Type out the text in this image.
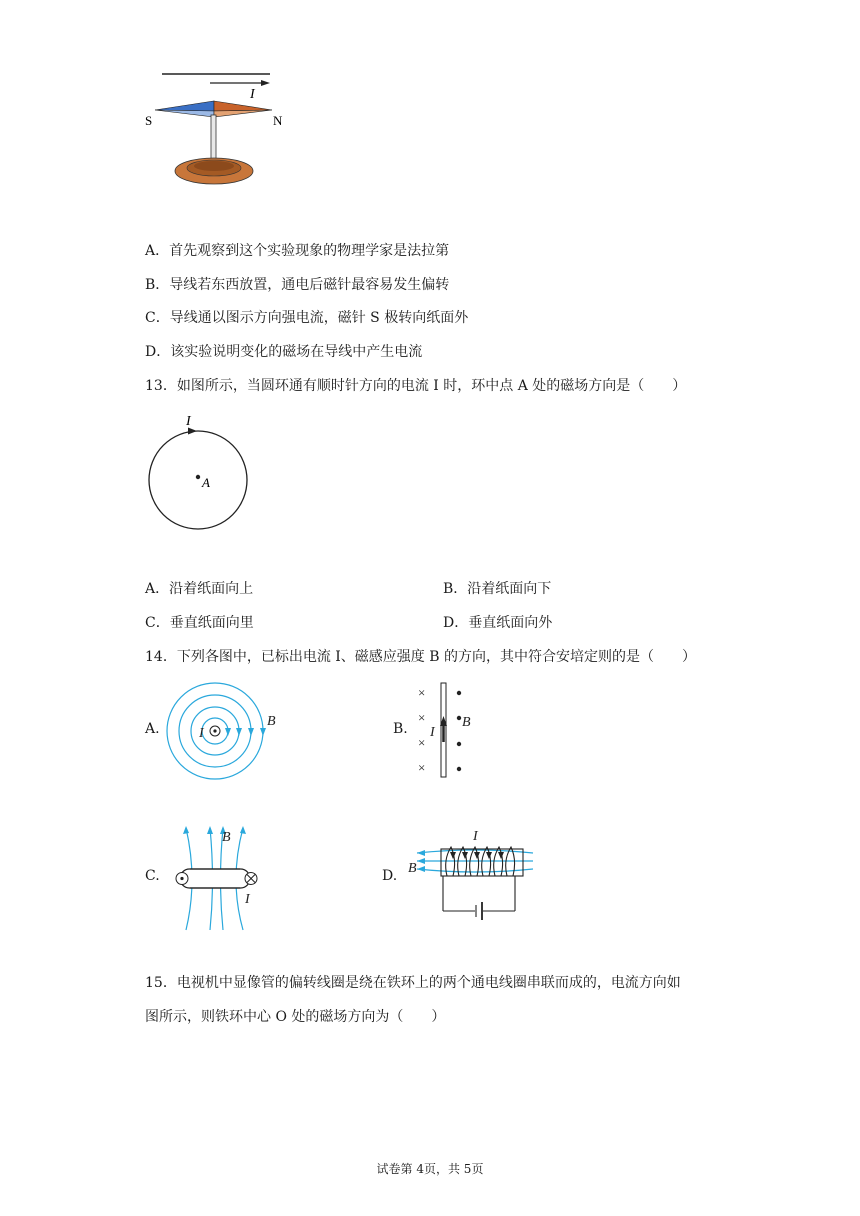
I
S	N
A．首先观察到这个实验现象的物理学家是法拉第
B．导线若东西放置，通电后磁针最容易发生偏转
C．导线通以图示方向强电流，磁针 S 极转向纸面外
D．该实验说明变化的磁场在导线中产生电流
13．如图所示，当圆环通有顺时针方向的电流 I 时，环中点 A 处的磁场方向是（　　）
I
A
A．沿着纸面向上	B．沿着纸面向下
C．垂直纸面向里	D．垂直纸面向外
14．下列各图中，已标出电流 I、磁感应强度 B 的方向，其中符合安培定则的是（　　）
A.	I
B	B.
×
×
×
×
I
B
C.
B
I
D.
I
B
15．电视机中显像管的偏转线圈是绕在铁环上的两个通电线圈串联而成的，电流方向如
图所示，则铁环中心 O 处的磁场方向为（　　）
试卷第 4页，共 5页
